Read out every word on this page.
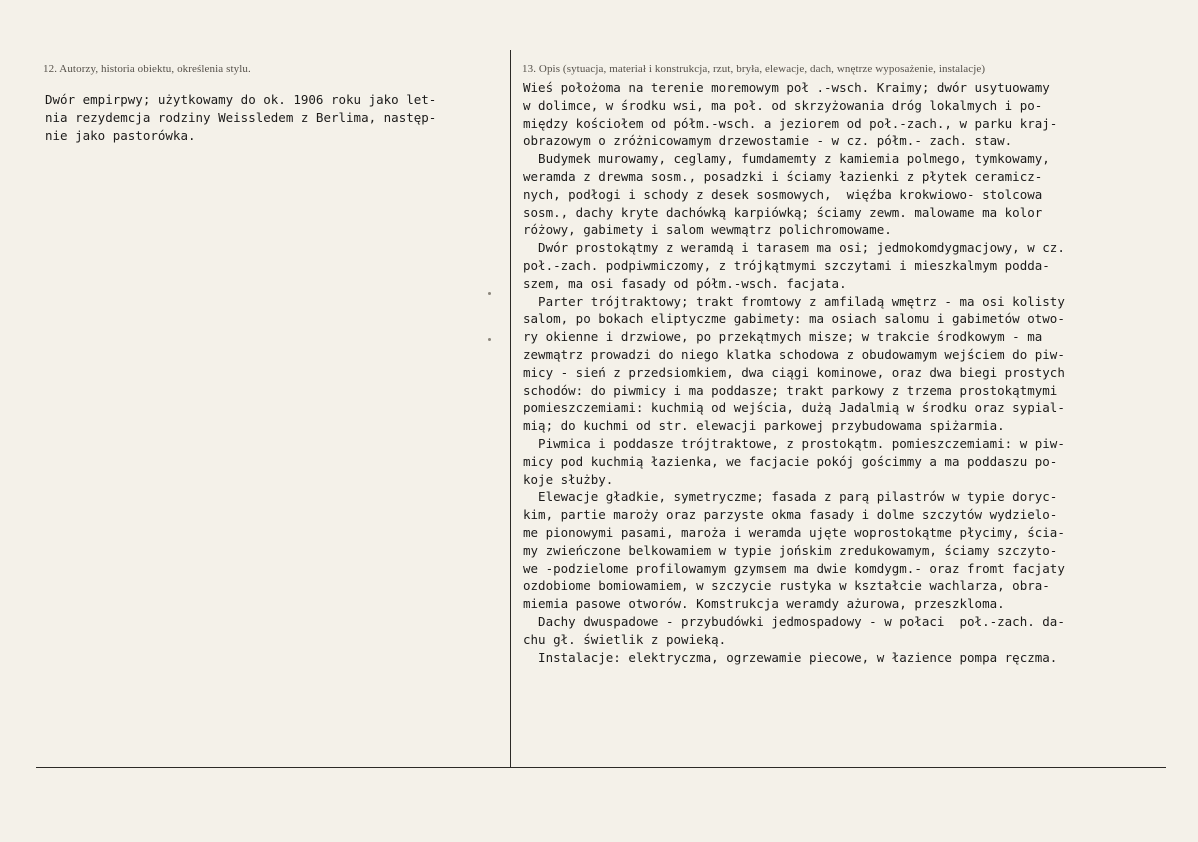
12. Autorzy, historia obiektu, określenia stylu.	13. Opis (sytuacja, materiał i konstrukcja, rzut, bryła, elewacje, dach, wnętrze wyposażenie, instalacje)
Dwór empirpwy; użytkowamy do ok. 1906 roku jako let-
nia rezydemcja rodziny Weissledem z Berlima, następ-
nie jako pastorówka.
Wieś położoma na terenie moremowym poł .-wsch. Kraimy; dwór usytuowamy
w dolimce, w środku wsi, ma poł. od skrzyżowania dróg lokalmych i po-
między kościołem od półm.-wsch. a jeziorem od poł.-zach., w parku kraj-
obrazowym o zróżnicowamym drzewostamie - w cz. półm.- zach. staw.
Budymek murowamy, ceglamy, fumdamemty z kamiemia polmego, tymkowamy,
weramda z drewma sosm., posadzki i ściamy łazienki z płytek ceramicz-
nych, podłogi i schody z desek sosmowych,  więźba krokwiowo- stolcowa
sosm., dachy kryte dachówką karpiówką; ściamy zewm. malowame ma kolor
różowy, gabimety i salom wewmątrz polichromowame.
Dwór prostokątmy z weramdą i tarasem ma osi; jedmokomdygmacjowy, w cz.
poł.-zach. podpiwmiczomy, z trójkątmymi szczytami i mieszkalmym podda-
szem, ma osi fasady od półm.-wsch. facjata.
Parter trójtraktowy; trakt fromtowy z amfiladą wmętrz - ma osi kolisty
salom, po bokach eliptyczme gabimety: ma osiach salomu i gabimetów otwo-
ry okienne i drzwiowe, po przekątmych misze; w trakcie środkowym - ma
zewmątrz prowadzi do niego klatka schodowa z obudowamym wejściem do piw-
micy - sień z przedsiomkiem, dwa ciągi kominowe, oraz dwa biegi prostych
schodów: do piwmicy i ma poddasze; trakt parkowy z trzema prostokątmymi
pomieszczemiami: kuchmią od wejścia, dużą Jadalmią w środku oraz sypial-
mią; do kuchmi od str. elewacji parkowej przybudowama spiżarmia.
Piwmica i poddasze trójtraktowe, z prostokątm. pomieszczemiami: w piw-
micy pod kuchmią łazienka, we facjacie pokój gościmmy a ma poddaszu po-
koje służby.
Elewacje gładkie, symetryczme; fasada z parą pilastrów w typie doryc-
kim, partie maroży oraz parzyste okma fasady i dolme szczytów wydzielo-
me pionowymi pasami, maroża i weramda ujęte woprostokątme płycimy, ścia-
my zwieńczone belkowamiem w typie jońskim zredukowamym, ściamy szczyto-
we -podzielome profilowamym gzymsem ma dwie komdygm.- oraz fromt facjaty
ozdobiome bomiowamiem, w szczycie rustyka w kształcie wachlarza, obra-
miemia pasowe otworów. Komstrukcja weramdy ażurowa, przeszkloma.
Dachy dwuspadowe - przybudówki jedmospadowy - w połaci  poł.-zach. da-
chu gł. świetlik z powieką.
Instalacje: elektryczma, ogrzewamie piecowe, w łazience pompa ręczma.
